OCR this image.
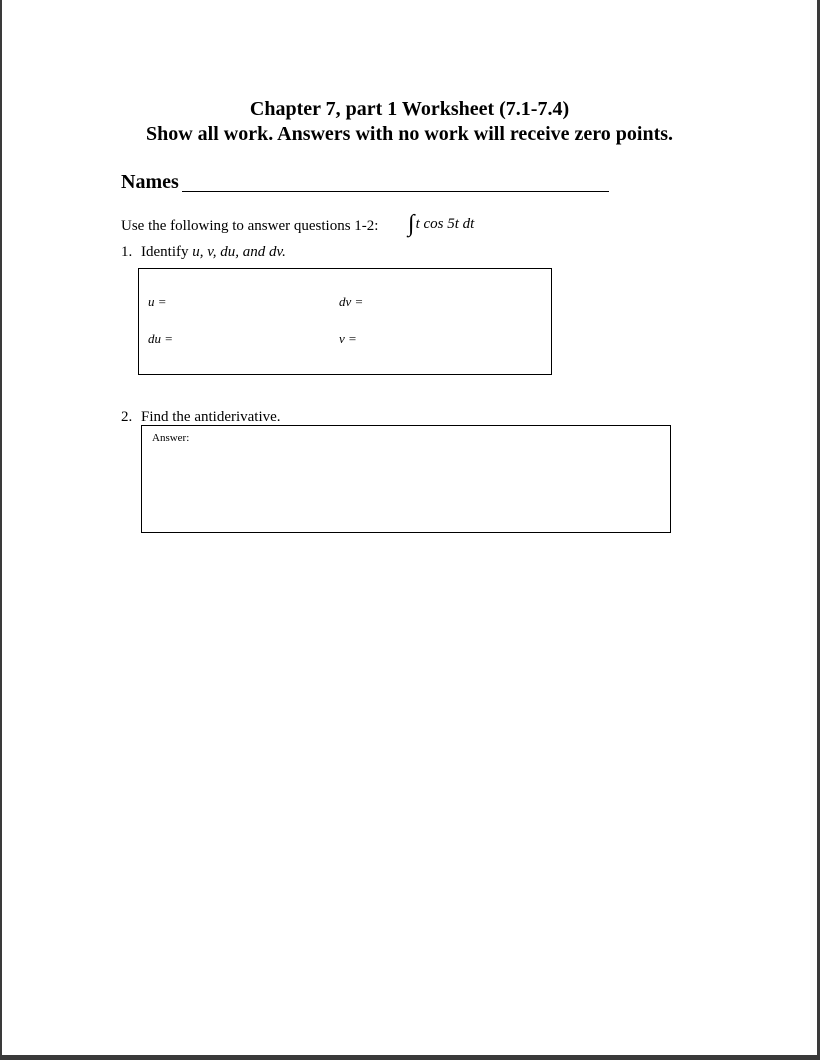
Chapter 7, part 1 Worksheet (7.1-7.4)
Show all work. Answers with no work will receive zero points.
Names
Use the following to answer questions 1-2: ∫t cos 5t dt
1. Identify u, v, du, and dv.
u =	dv =
du =	v =
2. Find the antiderivative.
Answer:
